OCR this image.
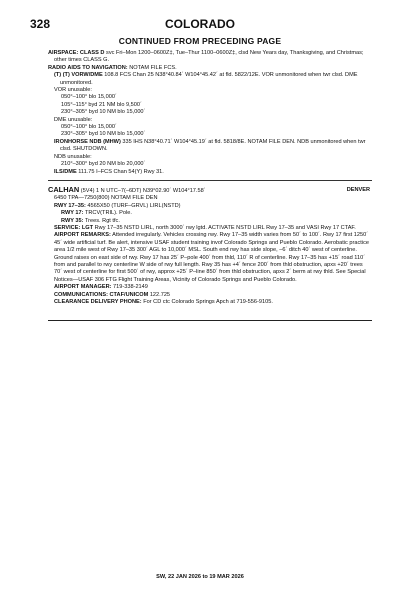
328	COLORADO
CONTINUED FROM PRECEDING PAGE

AIRSPACE: CLASS D svc Fri–Mon 1200–0600Z‡, Tue–Thur 1100–0600Z‡, clsd New Years day, Thanksgiving, and Christmas; other times CLASS G.

RADIO AIDS TO NAVIGATION: NOTAM FILE FCS.

(T) (T) VORW/DME 108.8 FCS Chan 25 N38°40.84´ W104°45.42´ at fld. 5822/12E. VOR unmonitored when twr clsd. DME unmonitored.

VOR unusable:

050°–100° blo 15,000´

105°–115° byd 21 NM blo 9,500´

230°–305° byd 10 NM blo 15,000´

DME unusable:

050°–100° blo 15,000´

230°–305° byd 10 NM blo 15,000´

IRONHORSE NDB (MHW) 335 IHS N38°40.71´ W104°45.19´ at fld. 5818/8E. NOTAM FILE DEN. NDB unmonitored when twr clsd. SHUTDOWN.

NDB unusable:

210°–300° byd 20 NM blo 20,000´

ILS/DME 111.75 I–FCS Chan 54(Y) Rwy 31.

CALHAN (5V4) 1 N UTC–7(–6DT) N39°02.90´ W104°17.58´	DENVER

6450 TPA—7250(800) NOTAM FILE DEN

RWY 17–35: 4565X50 (TURF–GRVL) LIRL(NSTD)

RWY 17: TRCV(TRIL). Pole.

RWY 35: Trees. Rgt tfc.

SERVICE: LGT Rwy 17–35 NSTD LIRL, north 3000´ rwy lgtd. ACTIVATE NSTD LIRL Rwy 17–35 and VASI Rwy 17 CTAF.

AIRPORT REMARKS: Attended irregularly. Vehicles crossing rwy. Rwy 17–35 width varies from 50´ to 100´. Rwy 17 first 1250´ 45´ wide artificial turf. Be alert, intensive USAF student training invof Colorado Springs and Pueblo Colorado. Aerobatic practice area 1/2 mile west of Rwy 17–35 300´ AGL to 10,000´ MSL. South end rwy has side slope, –6´ ditch 40´ west of centerline. Ground raises on east side of rwy. Rwy 17 has 25´ P–pole 400´ from thld, 110´ R of centerline. Rwy 17–35 has +15´ road 110´ from and parallel to rwy centerline W side of rwy full length. Rwy 35 has +4´ fence 200´ from thld obstruction, apxs +20´ trees 70´ west of centerline for first 500´ of rwy, approx +25´ P–line 850´ from thld obstruction, apxs 2´ berm at rwy thld. See Special Notices—USAF 306 FTG Flight Training Areas, Vicinity of Colorado Springs and Pueblo Colorado.

AIRPORT MANAGER: 719-338-2149

COMMUNICATIONS: CTAF/UNICOM 122.725

CLEARANCE DELIVERY PHONE: For CD ctc Colorado Springs Apch at 719-556-9105.

SW, 22 JAN 2026 to 19 MAR 2026
